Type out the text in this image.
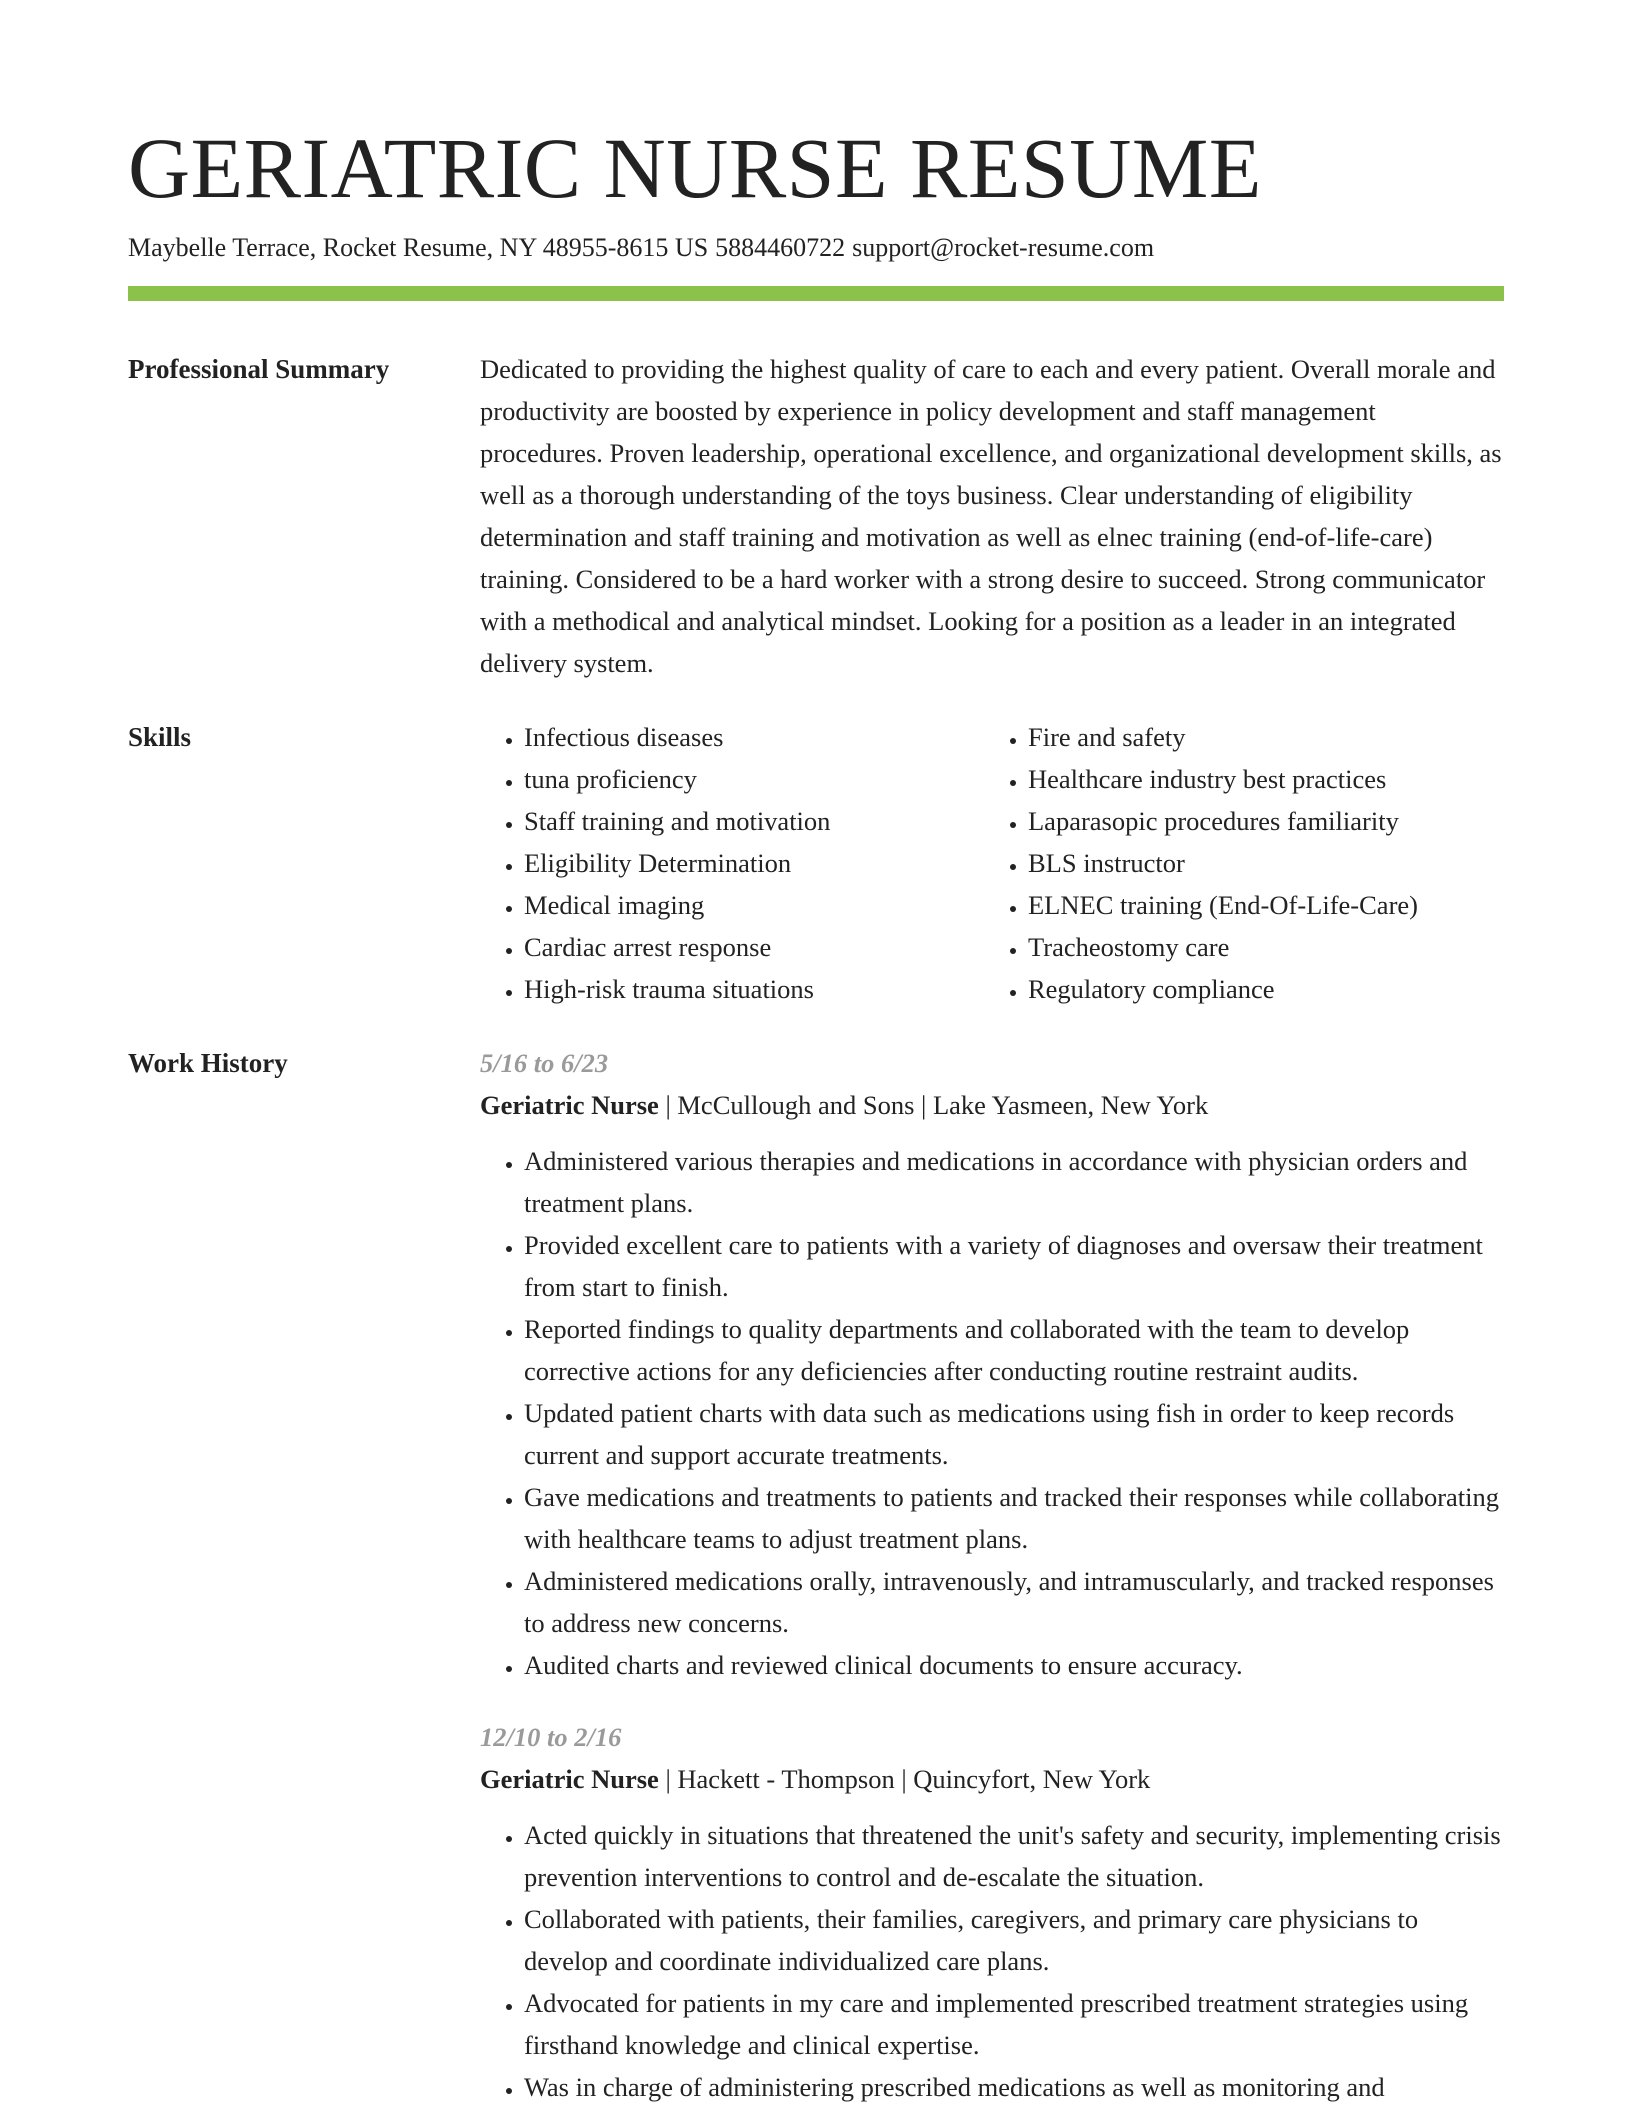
GERIATRIC NURSE RESUME
Maybelle Terrace, Rocket Resume, NY 48955-8615 US 5884460722 support@rocket-resume.com
Professional Summary	Dedicated to providing the highest quality of care to each and every patient. Overall morale and productivity are boosted by experience in policy development and staff management procedures. Proven leadership, operational excellence, and organizational development skills, as well as a thorough understanding of the toys business. Clear understanding of eligibility determination and staff training and motivation as well as elnec training (end-of-life-care) training. Considered to be a hard worker with a strong desire to succeed. Strong communicator with a methodical and analytical mindset. Looking for a position as a leader in an integrated delivery system.

Skills
•	Infectious diseases
• tuna proficiency
• Staff training and motivation
• Eligibility Determination
• Medical imaging
• Cardiac arrest response
• High-risk trauma situations
• Fire and safety
• Healthcare industry best practices
• Laparasopic procedures familiarity
• BLS instructor
• ELNEC training (End-Of-Life-Care)
• Tracheostomy care
• Regulatory compliance
Work History	5/16 to 6/23
Geriatric Nurse | McCullough and Sons | Lake Yasmeen, New York
• Administered various therapies and medications in accordance with physician orders and treatment plans.
• Provided excellent care to patients with a variety of diagnoses and oversaw their treatment from start to finish.
• Reported findings to quality departments and collaborated with the team to develop corrective actions for any deficiencies after conducting routine restraint audits.
• Updated patient charts with data such as medications using fish in order to keep records current and support accurate treatments.
• Gave medications and treatments to patients and tracked their responses while collaborating with healthcare teams to adjust treatment plans.
• Administered medications orally, intravenously, and intramuscularly, and tracked responses to address new concerns.
• Audited charts and reviewed clinical documents to ensure accuracy.
12/10 to 2/16
Geriatric Nurse | Hackett - Thompson | Quincyfort, New York
• Acted quickly in situations that threatened the unit's safety and security, implementing crisis prevention interventions to control and de-escalate the situation.
• Collaborated with patients, their families, caregivers, and primary care physicians to develop and coordinate individualized care plans.
• Advocated for patients in my care and implemented prescribed treatment strategies using firsthand knowledge and clinical expertise.
• Was in charge of administering prescribed medications as well as monitoring and
